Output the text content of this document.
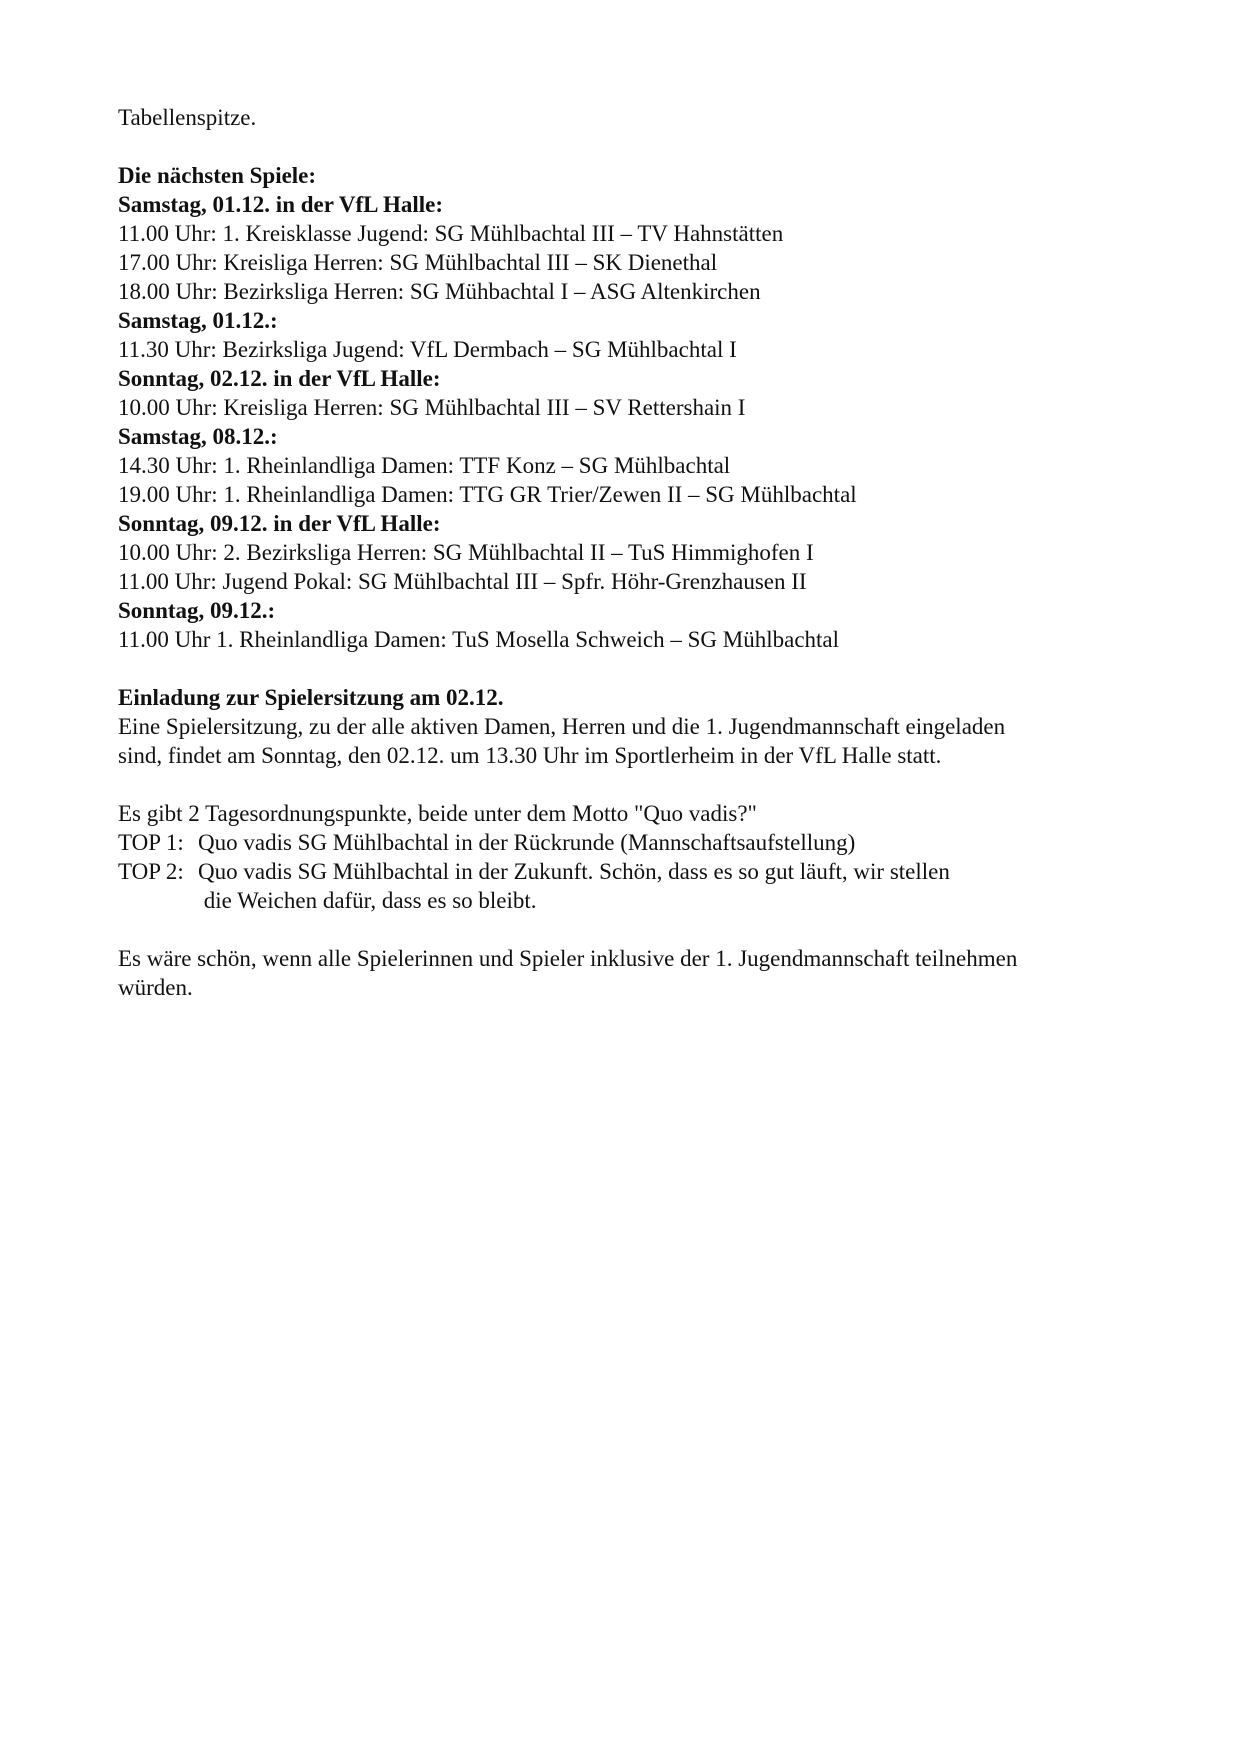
Tabellenspitze.
Die nächsten Spiele:
Samstag, 01.12. in der VfL Halle:
11.00 Uhr: 1. Kreisklasse Jugend: SG Mühlbachtal III – TV Hahnstätten
17.00 Uhr: Kreisliga Herren: SG Mühlbachtal III – SK Dienethal
18.00 Uhr: Bezirksliga Herren: SG Mühbachtal I – ASG Altenkirchen
Samstag, 01.12.:
11.30 Uhr: Bezirksliga Jugend: VfL Dermbach – SG Mühlbachtal I
Sonntag, 02.12. in der VfL Halle:
10.00 Uhr: Kreisliga Herren: SG Mühlbachtal III – SV Rettershain I
Samstag, 08.12.:
14.30 Uhr: 1. Rheinlandliga Damen: TTF Konz – SG Mühlbachtal
19.00 Uhr: 1. Rheinlandliga Damen: TTG GR Trier/Zewen II – SG Mühlbachtal
Sonntag, 09.12. in der VfL Halle:
10.00 Uhr: 2. Bezirksliga Herren: SG Mühlbachtal II – TuS Himmighofen I
11.00 Uhr: Jugend Pokal: SG Mühlbachtal III – Spfr. Höhr-Grenzhausen II
Sonntag, 09.12.:
11.00 Uhr 1. Rheinlandliga Damen: TuS Mosella Schweich – SG Mühlbachtal
Einladung zur Spielersitzung am 02.12.
Eine Spielersitzung, zu der alle aktiven Damen, Herren und die 1. Jugendmannschaft eingeladen
sind, findet am Sonntag, den 02.12. um 13.30 Uhr im Sportlerheim in der VfL Halle statt.
Es gibt 2 Tagesordnungspunkte, beide unter dem Motto "Quo vadis?"
TOP 1: Quo vadis SG Mühlbachtal in der Rückrunde (Mannschaftsaufstellung)
TOP 2: Quo vadis SG Mühlbachtal in der Zukunft. Schön, dass es so gut läuft, wir stellen
die Weichen dafür, dass es so bleibt.
Es wäre schön, wenn alle Spielerinnen und Spieler inklusive der 1. Jugendmannschaft teilnehmen
würden.
